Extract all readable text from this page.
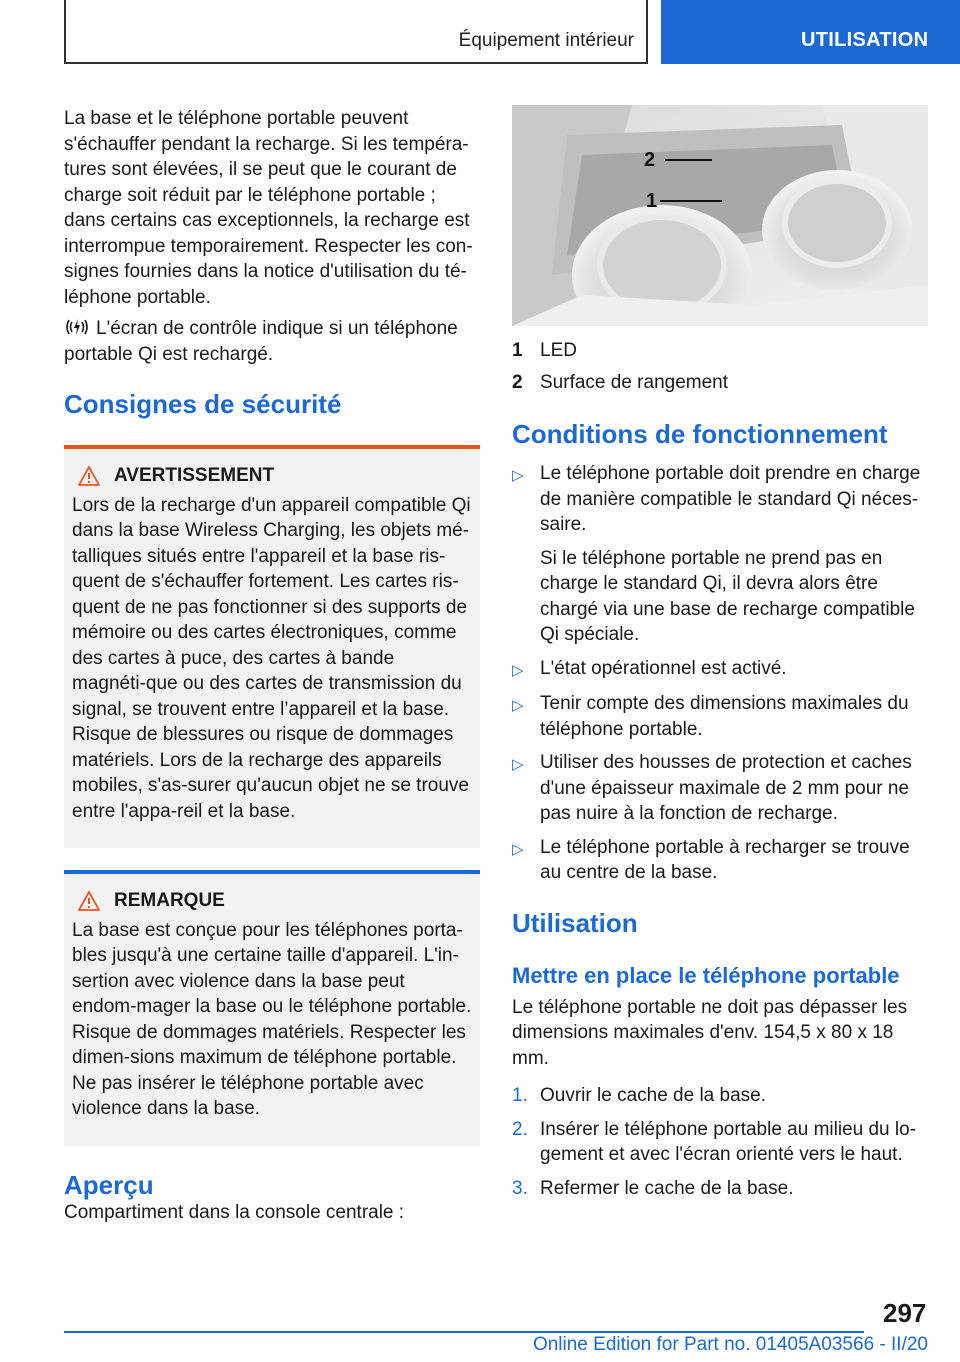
Équipement intérieur	UTILISATION

La base et le téléphone portable peuvent s'échauffer pendant la recharge. Si les tempéra-tures sont élevées, il se peut que le courant de charge soit réduit par le téléphone portable ; dans certains cas exceptionnels, la recharge est interrompue temporairement. Respecter les con-signes fournies dans la notice d'utilisation du té-léphone portable.

L'écran de contrôle indique si un téléphone portable Qi est rechargé.

Consignes de sécurité
AVERTISSEMENT
Lors de la recharge d'un appareil compatible Qi dans la base Wireless Charging, les objets mé-talliques situés entre l'appareil et la base ris-quent de s'échauffer fortement. Les cartes ris-quent de ne pas fonctionner si des supports de mémoire ou des cartes électroniques, comme des cartes à puce, des cartes à bande magnéti-que ou des cartes de transmission du signal, se trouvent entre l’appareil et la base. Risque de blessures ou risque de dommages matériels. Lors de la recharge des appareils mobiles, s'as-surer qu'aucun objet ne se trouve entre l'appa-reil et la base.
REMARQUE
La base est conçue pour les téléphones porta-bles jusqu'à une certaine taille d'appareil. L'in-sertion avec violence dans la base peut endom-mager la base ou le téléphone portable. Risque de dommages matériels. Respecter les dimen-sions maximum de téléphone portable. Ne pas insérer le téléphone portable avec violence dans la base.
Aperçu

Compartiment dans la console centrale :

2
1
1 LED
2 Surface de rangement
Conditions de fonctionnement
▷ Le téléphone portable doit prendre en charge de manière compatible le standard Qi néces-saire.
Si le téléphone portable ne prend pas en charge le standard Qi, il devra alors être chargé via une base de recharge compatible Qi spéciale.
▷ L'état opérationnel est activé.
▷ Tenir compte des dimensions maximales du téléphone portable.
▷ Utiliser des housses de protection et caches d'une épaisseur maximale de 2 mm pour ne pas nuire à la fonction de recharge.
▷ Le téléphone portable à recharger se trouve au centre de la base.
Utilisation
Mettre en place le téléphone portable

Le téléphone portable ne doit pas dépasser les dimensions maximales d'env. 154,5 x 80 x 18 mm.

1. Ouvrir le cache de la base.
2. Insérer le téléphone portable au milieu du lo-gement et avec l'écran orienté vers le haut.
3. Refermer le cache de la base.
297
Online Edition for Part no. 01405A03566 - II/20
